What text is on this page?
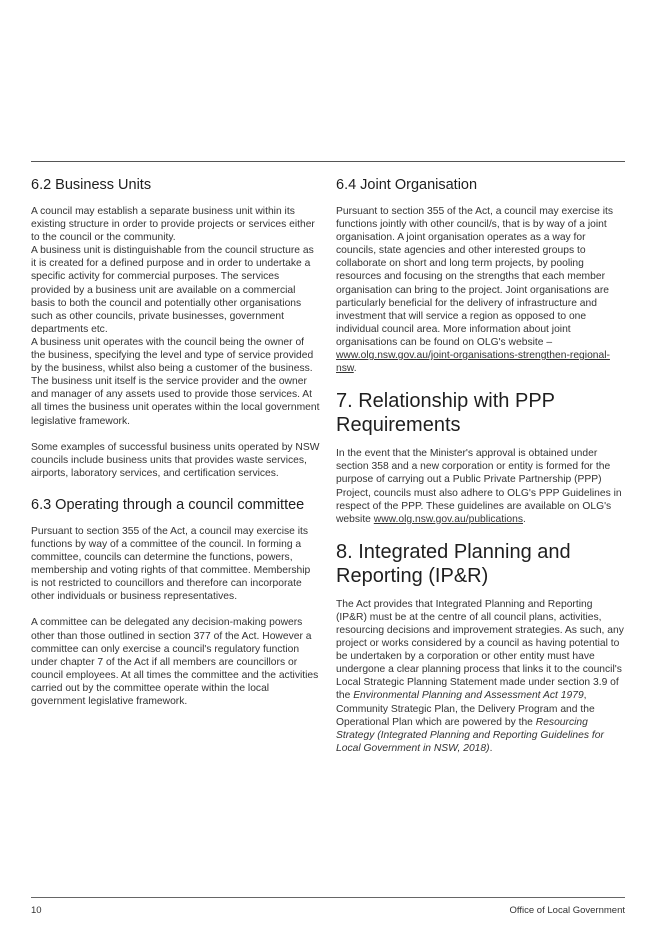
6.2 Business Units

A council may establish a separate business unit within its existing structure in order to provide projects or services either to the council or the community.

A business unit is distinguishable from the council structure as it is created for a defined purpose and in order to undertake a specific activity for commercial purposes. The services provided by a business unit are available on a commercial basis to both the council and potentially other organisations such as other councils, private businesses, government departments etc.

A business unit operates with the council being the owner of the business, specifying the level and type of service provided by the business, whilst also being a customer of the business. The business unit itself is the service provider and the owner and manager of any assets used to provide those services. At all times the business unit operates within the local government legislative framework.

Some examples of successful business units operated by NSW councils include business units that provides waste services, airports, laboratory services, and certification services.

6.3 Operating through a council committee

Pursuant to section 355 of the Act, a council may exercise its functions by way of a committee of the council. In forming a committee, councils can determine the functions, powers, membership and voting rights of that committee. Membership is not restricted to councillors and therefore can incorporate other individuals or business representatives.

A committee can be delegated any decision-making powers other than those outlined in section 377 of the Act. However a committee can only exercise a council's regulatory function under chapter 7 of the Act if all members are councillors or council employees. At all times the committee and the activities carried out by the committee operate within the local government legislative framework.

6.4 Joint Organisation

Pursuant to section 355 of the Act, a council may exercise its functions jointly with other council/s, that is by way of a joint organisation. A joint organisation operates as a way for councils, state agencies and other interested groups to collaborate on short and long term projects, by pooling resources and focusing on the strengths that each member organisation can bring to the project. Joint organisations are particularly beneficial for the delivery of infrastructure and investment that will service a region as opposed to one individual council area. More information about joint organisations can be found on OLG's website – www.olg.nsw.gov.au/joint-organisations-strengthen-regional-nsw.

7. Relationship with PPP Requirements

In the event that the Minister's approval is obtained under section 358 and a new corporation or entity is formed for the purpose of carrying out a Public Private Partnership (PPP) Project, councils must also adhere to OLG's PPP Guidelines in respect of the PPP. These guidelines are available on OLG's website www.olg.nsw.gov.au/publications.

8. Integrated Planning and Reporting (IP&R)

The Act provides that Integrated Planning and Reporting (IP&R) must be at the centre of all council plans, activities, resourcing decisions and improvement strategies. As such, any project or works considered by a council as having potential to be undertaken by a corporation or other entity must have undergone a clear planning process that links it to the council's Local Strategic Planning Statement made under section 3.9 of the Environmental Planning and Assessment Act 1979, Community Strategic Plan, the Delivery Program and the Operational Plan which are powered by the Resourcing Strategy (Integrated Planning and Reporting Guidelines for Local Government in NSW, 2018).

10	Office of Local Government
